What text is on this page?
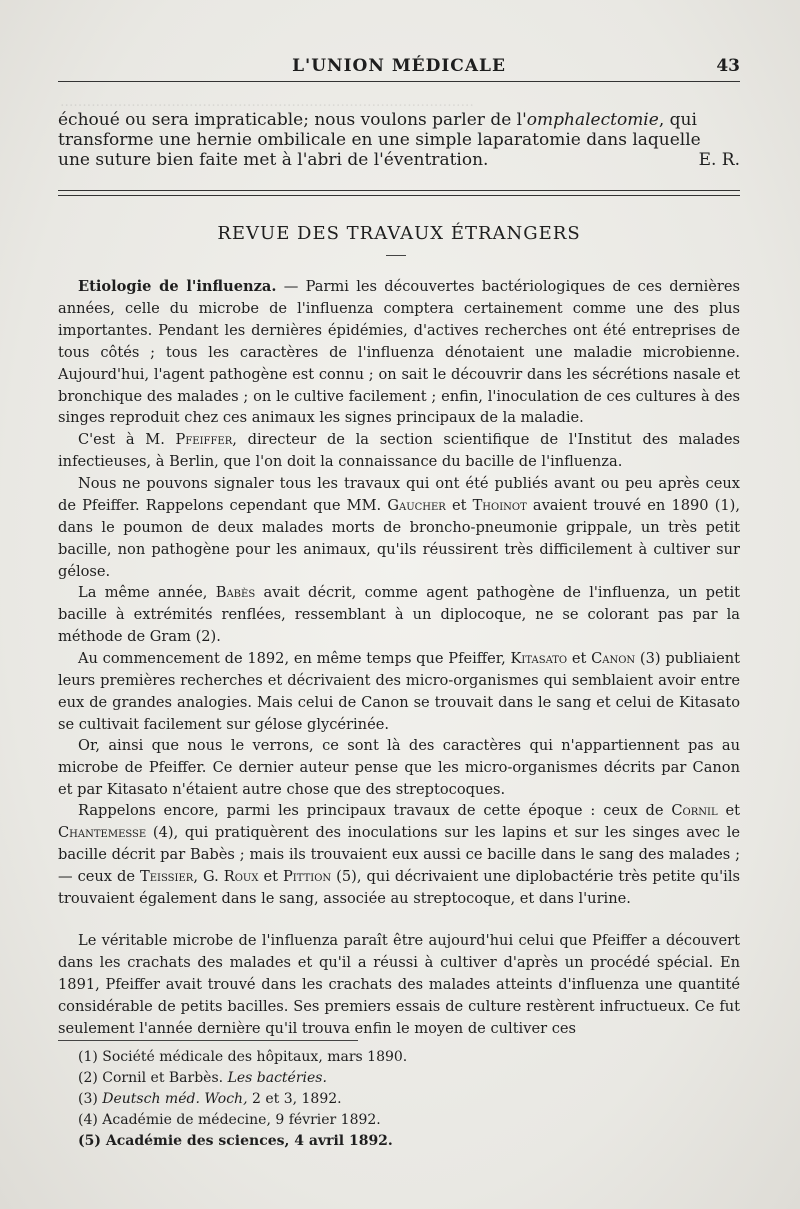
·····························································································
L'UNION MÉDICALE	43

échoué ou sera impraticable; nous voulons parler de l'omphalectomie, qui
transforme une hernie ombilicale en une simple laparatomie dans laquelle
une suture bien faite met à l'abri de l'éventration.	E. R.

REVUE DES TRAVAUX ÉTRANGERS

Etiologie de l'influenza. — Parmi les découvertes bactériologiques de ces dernières années, celle du microbe de l'influenza comptera certainement comme une des plus importantes. Pendant les dernières épidémies, d'actives recherches ont été entreprises de tous côtés ; tous les caractères de l'influenza dénotaient une maladie microbienne. Aujourd'hui, l'agent pathogène est connu ; on sait le découvrir dans les sécrétions nasale et bronchique des malades ; on le cultive facilement ; enfin, l'inoculation de ces cultures à des singes reproduit chez ces animaux les signes principaux de la maladie.

C'est à M. Pfeiffer, directeur de la section scientifique de l'Institut des malades infectieuses, à Berlin, que l'on doit la connaissance du bacille de l'influenza.

Nous ne pouvons signaler tous les travaux qui ont été publiés avant ou peu après ceux de Pfeiffer. Rappelons cependant que MM. Gaucher et Thoinot avaient trouvé en 1890 (1), dans le poumon de deux malades morts de broncho-pneumonie grippale, un très petit bacille, non pathogène pour les animaux, qu'ils réussirent très difficilement à cultiver sur gélose.

La même année, Babès avait décrit, comme agent pathogène de l'influenza, un petit bacille à extrémités renflées, ressemblant à un diplocoque, ne se colorant pas par la méthode de Gram (2).

Au commencement de 1892, en même temps que Pfeiffer, Kitasato et Canon (3) publiaient leurs premières recherches et décrivaient des micro-organismes qui semblaient avoir entre eux de grandes analogies. Mais celui de Canon se trouvait dans le sang et celui de Kitasato se cultivait facilement sur gélose glycérinée.

Or, ainsi que nous le verrons, ce sont là des caractères qui n'appartiennent pas au microbe de Pfeiffer. Ce dernier auteur pense que les micro-organismes décrits par Canon et par Kitasato n'étaient autre chose que des streptocoques.

Rappelons encore, parmi les principaux travaux de cette époque : ceux de Cornil et Chantemesse (4), qui pratiquèrent des inoculations sur les lapins et sur les singes avec le bacille décrit par Babès ; mais ils trouvaient eux aussi ce bacille dans le sang des malades ; — ceux de Teissier, G. Roux et Pittion (5), qui décrivaient une diplobactérie très petite qu'ils trouvaient également dans le sang, associée au streptocoque, et dans l'urine.

Le véritable microbe de l'influenza paraît être aujourd'hui celui que Pfeiffer a découvert dans les crachats des malades et qu'il a réussi à cultiver d'après un procédé spécial. En 1891, Pfeiffer avait trouvé dans les crachats des malades atteints d'influenza une quantité considérable de petits bacilles. Ses premiers essais de culture restèrent infructueux. Ce fut seulement l'année dernière qu'il trouva enfin le moyen de cultiver ces

(1) Société médicale des hôpitaux, mars 1890.
(2) Cornil et Barbès. Les bactéries.
(3) Deutsch méd. Woch, 2 et 3, 1892.
(4) Académie de médecine, 9 février 1892.
(5) Académie des sciences, 4 avril 1892.
